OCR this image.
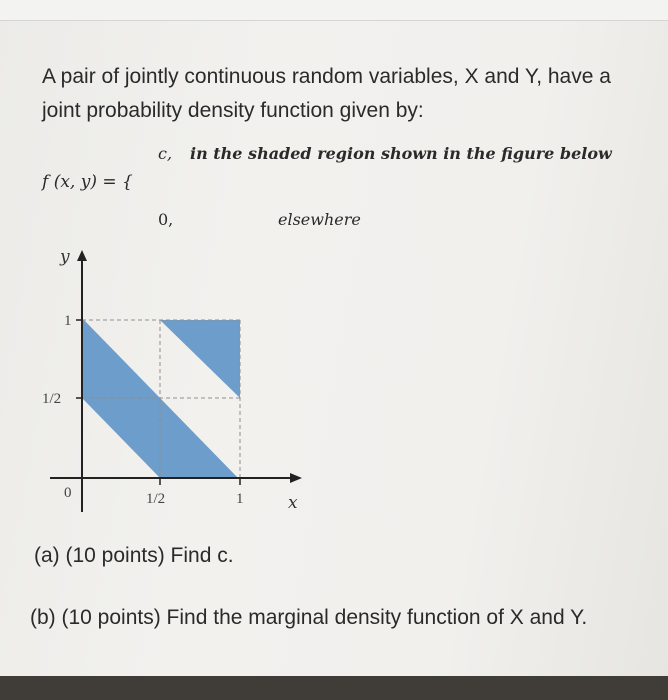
A pair of jointly continuous random variables, X and Y, have a joint probability density function given by:

f (x, y) = {
c, in the shaded region shown in the figure below
0,	elsewhere
y
1
1/2
0	1/2	1	x

(a) (10 points) Find c.

(b) (10 points) Find the marginal density function of X and Y.
